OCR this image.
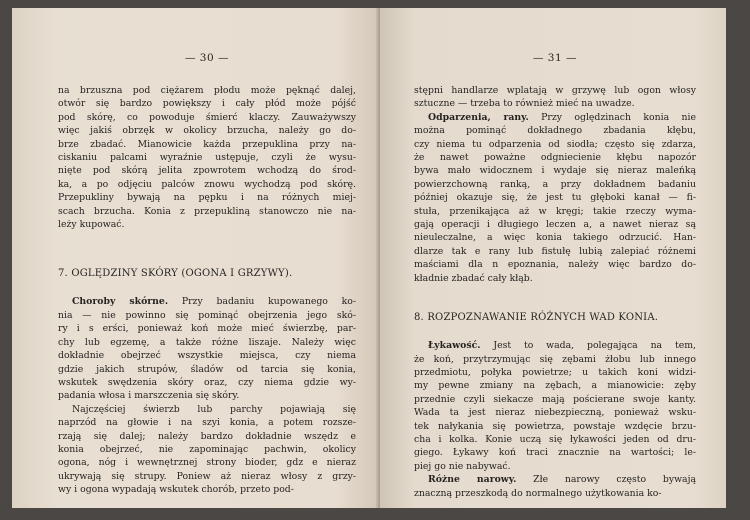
— 30 —
na brzuszna pod ciężarem płodu może pęknąć dalej,
otwór się bardzo powiększy i cały płód może pójść
pod skórę, co powoduje śmierć klaczy. Zauważywszy
więc jakiś obrzęk w okolicy brzucha, należy go do-
brze zbadać. Mianowicie każda przepuklina przy na-
ciskaniu palcami wyraźnie ustępuje, czyli że wysu-
nięte pod skórą jelita zpowrotem wchodzą do środ-
ka, a po odjęciu palców znowu wychodzą pod skórę.
Przepukliny bywają na pępku i na różnych miej-
scach brzucha. Konia z przepukliną stanowczo nie na-
leży kupować.
7. OGLĘDZINY SKÓRY (OGONA I GRZYWY).
Choroby skórne. Przy badaniu kupowanego ko-
nia — nie powinno się pominąć obejrzenia jego skó-
ry i s erści, ponieważ koń może mieć świerzbę, par-
chy lub egzemę, a także różne liszaje. Należy więc
dokładnie obejrzeć wszystkie miejsca, czy niema
gdzie jakich strupów, śladów od tarcia się konia,
wskutek swędzenia skóry oraz, czy niema gdzie wy-
padania włosa i marszczenia się skóry.
Najczęściej świerzb lub parchy pojawiają się
naprzód na głowie i na szyi konia, a potem rozsze-
rzają się dalej; należy bardzo dokładnie wszędz e
konia obejrzeć, nie zapominając pachwin, okolicy
ogona, nóg i wewnętrznej strony bioder, gdz e nieraz
ukrywają się strupy. Poniew aż nieraz włosy z grzy-
wy i ogona wypadają wskutek chorób, przeto pod-
— 31 —
stępni handlarze wplatają w grzywę lub ogon włosy
sztuczne — trzeba to również mieć na uwadze.
Odparzenia, rany. Przy oględzinach konia nie
można pominąć dokładnego zbadania kłębu,
czy niema tu odparzenia od siodła; często się zdarza,
że nawet poważne odgniecienie kłębu napozór
bywa mało widocznem i wydaje się nieraz maleńką
powierzchowną ranką, a przy dokładnem badaniu
później okazuje się, że jest tu głęboki kanał — fi-
stuła, przenikająca aż w kręgi; takie rzeczy wyma-
gają operacji i długiego leczen a, a nawet nieraz są
nieuleczalne, a więc konia takiego odrzucić. Han-
dlarze tak e rany lub fistułę lubią zalepiać różnemi
maściami dla n epoznania, należy więc bardzo do-
kładnie zbadać cały kłąb.
8. ROZPOZNAWANIE RÓŻNYCH WAD KONIA.
Łykawość. Jest to wada, polegająca na tem,
że koń, przytrzymując się zębami żłobu lub innego
przedmiotu, połyka powietrze; u takich koni widzi-
my pewne zmiany na zębach, a mianowicie: zęby
przednie czyli siekacze mają pościerane swoje kanty.
Wada ta jest nieraz niebezpieczną, ponieważ wsku-
tek nałykania się powietrza, powstaje wzdęcie brzu-
cha i kolka. Konie uczą się łykawości jeden od dru-
giego. Łykawy koń traci znacznie na wartości; le-
piej go nie nabywać.
Różne narowy. Złe narowy często bywają
znaczną przeszkodą do normalnego użytkowania ko-
